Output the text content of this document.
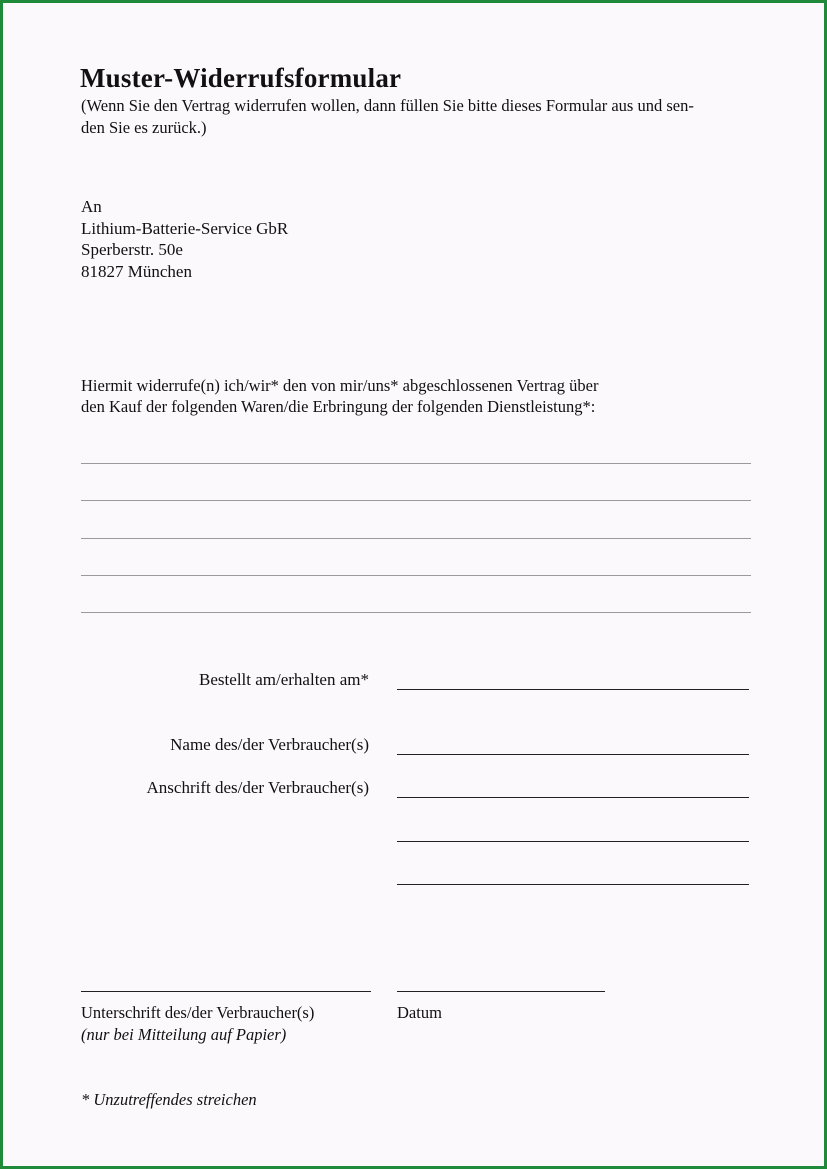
Muster-Widerrufsformular
(Wenn Sie den Vertrag widerrufen wollen, dann füllen Sie bitte dieses Formular aus und sen-
den Sie es zurück.)
An
Lithium-Batterie-Service GbR
Sperberstr. 50e
81827 München
Hiermit widerrufe(n) ich/wir* den von mir/uns* abgeschlossenen Vertrag über
den Kauf der folgenden Waren/die Erbringung der folgenden Dienstleistung*:
Bestellt am/erhalten am*
Name des/der Verbraucher(s)
Anschrift des/der Verbraucher(s)
Unterschrift des/der Verbraucher(s)
(nur bei Mitteilung auf Papier)
Datum
* Unzutreffendes streichen
